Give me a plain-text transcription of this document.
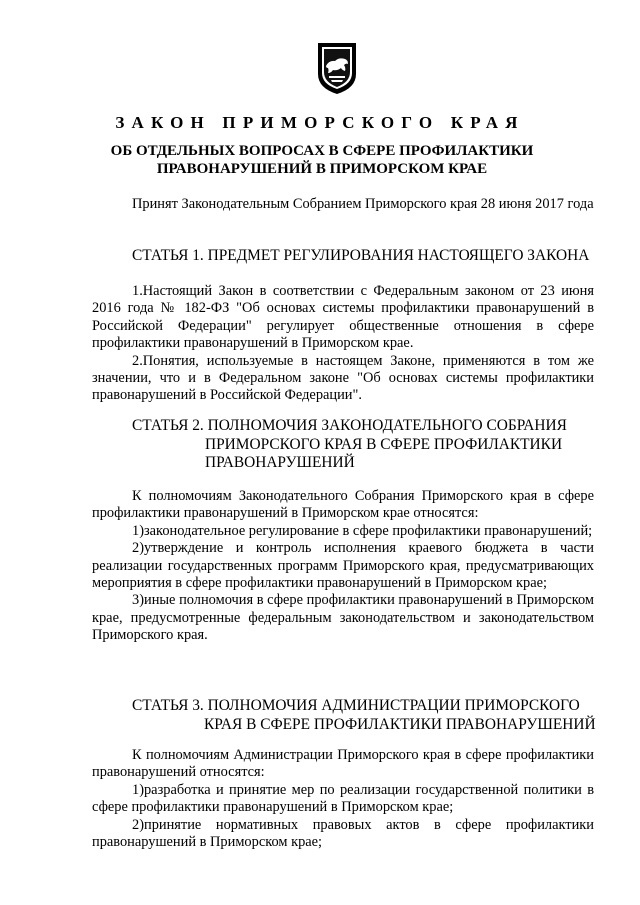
ЗАКОН ПРИМОРСКОГО КРАЯ
ОБ ОТДЕЛЬНЫХ ВОПРОСАХ В СФЕРЕ ПРОФИЛАКТИКИ
ПРАВОНАРУШЕНИЙ В ПРИМОРСКОМ КРАЕ

Принят Законодательным Собранием Приморского края 28 июня 2017 года

СТАТЬЯ 1. ПРЕДМЕТ РЕГУЛИРОВАНИЯ НАСТОЯЩЕГО ЗАКОНА

1.Настоящий Закон в соответствии с Федеральным законом от 23 июня 2016 года № 182-ФЗ "Об основах системы профилактики правонарушений в Российской Федерации" регулирует общественные отношения в сфере профилактики правонарушений в Приморском крае.

2.Понятия, используемые в настоящем Законе, применяются в том же значении, что и в Федеральном законе "Об основах системы профилактики правонарушений в Российской Федерации".

СТАТЬЯ 2. ПОЛНОМОЧИЯ ЗАКОНОДАТЕЛЬНОГО СОБРАНИЯ
ПРИМОРСКОГО КРАЯ В СФЕРЕ ПРОФИЛАКТИКИ
ПРАВОНАРУШЕНИЙ

К полномочиям Законодательного Собрания Приморского края в сфере профилактики правонарушений в Приморском крае относятся:

1)законодательное регулирование в сфере профилактики правонарушений;

2)утверждение и контроль исполнения краевого бюджета в части реализации государственных программ Приморского края, предусматривающих мероприятия в сфере профилактики правонарушений в Приморском крае;

3)иные полномочия в сфере профилактики правонарушений в Приморском крае, предусмотренные федеральным законодательством и законодательством Приморского края.

СТАТЬЯ 3. ПОЛНОМОЧИЯ АДМИНИСТРАЦИИ ПРИМОРСКОГО
КРАЯ В СФЕРЕ ПРОФИЛАКТИКИ ПРАВОНАРУШЕНИЙ

К полномочиям Администрации Приморского края в сфере профилактики правонарушений относятся:

1)разработка и принятие мер по реализации государственной политики в сфере профилактики правонарушений в Приморском крае;

2)принятие нормативных правовых актов в сфере профилактики правонарушений в Приморском крае;
